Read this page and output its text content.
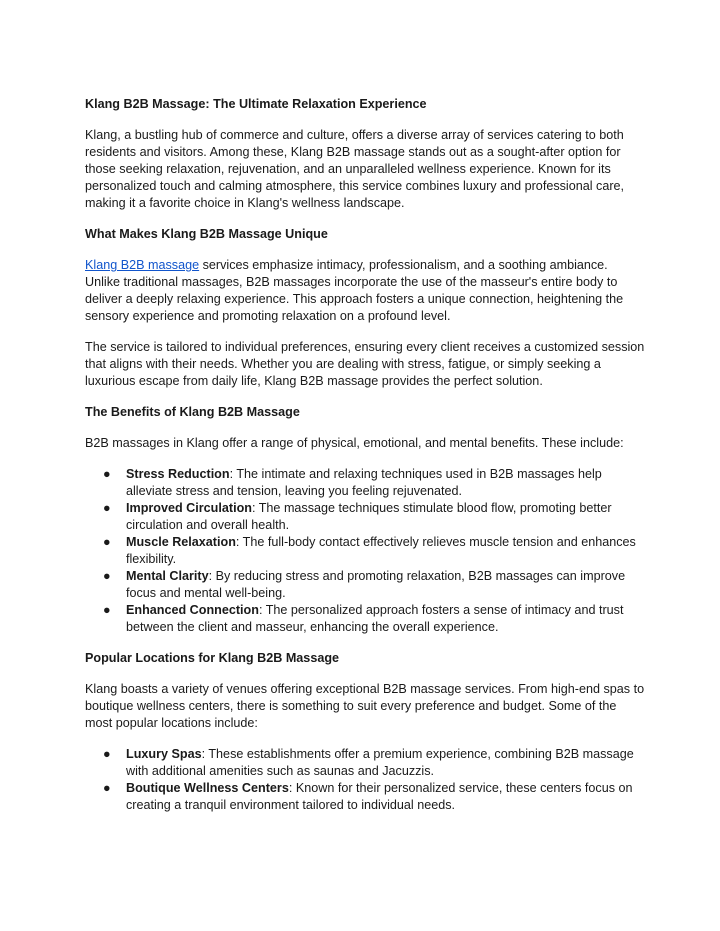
Klang B2B Massage: The Ultimate Relaxation Experience

Klang, a bustling hub of commerce and culture, offers a diverse array of services catering to both residents and visitors. Among these, Klang B2B massage stands out as a sought-after option for those seeking relaxation, rejuvenation, and an unparalleled wellness experience. Known for its personalized touch and calming atmosphere, this service combines luxury and professional care, making it a favorite choice in Klang's wellness landscape.

What Makes Klang B2B Massage Unique

Klang B2B massage services emphasize intimacy, professionalism, and a soothing ambiance. Unlike traditional massages, B2B massages incorporate the use of the masseur's entire body to deliver a deeply relaxing experience. This approach fosters a unique connection, heightening the sensory experience and promoting relaxation on a profound level.

The service is tailored to individual preferences, ensuring every client receives a customized session that aligns with their needs. Whether you are dealing with stress, fatigue, or simply seeking a luxurious escape from daily life, Klang B2B massage provides the perfect solution.

The Benefits of Klang B2B Massage

B2B massages in Klang offer a range of physical, emotional, and mental benefits. These include:

● Stress Reduction: The intimate and relaxing techniques used in B2B massages help alleviate stress and tension, leaving you feeling rejuvenated.
● Improved Circulation: The massage techniques stimulate blood flow, promoting better circulation and overall health.
● Muscle Relaxation: The full-body contact effectively relieves muscle tension and enhances flexibility.
● Mental Clarity: By reducing stress and promoting relaxation, B2B massages can improve focus and mental well-being.
● Enhanced Connection: The personalized approach fosters a sense of intimacy and trust between the client and masseur, enhancing the overall experience.
Popular Locations for Klang B2B Massage

Klang boasts a variety of venues offering exceptional B2B massage services. From high-end spas to boutique wellness centers, there is something to suit every preference and budget. Some of the most popular locations include:

● Luxury Spas: These establishments offer a premium experience, combining B2B massage with additional amenities such as saunas and Jacuzzis.
● Boutique Wellness Centers: Known for their personalized service, these centers focus on creating a tranquil environment tailored to individual needs.
